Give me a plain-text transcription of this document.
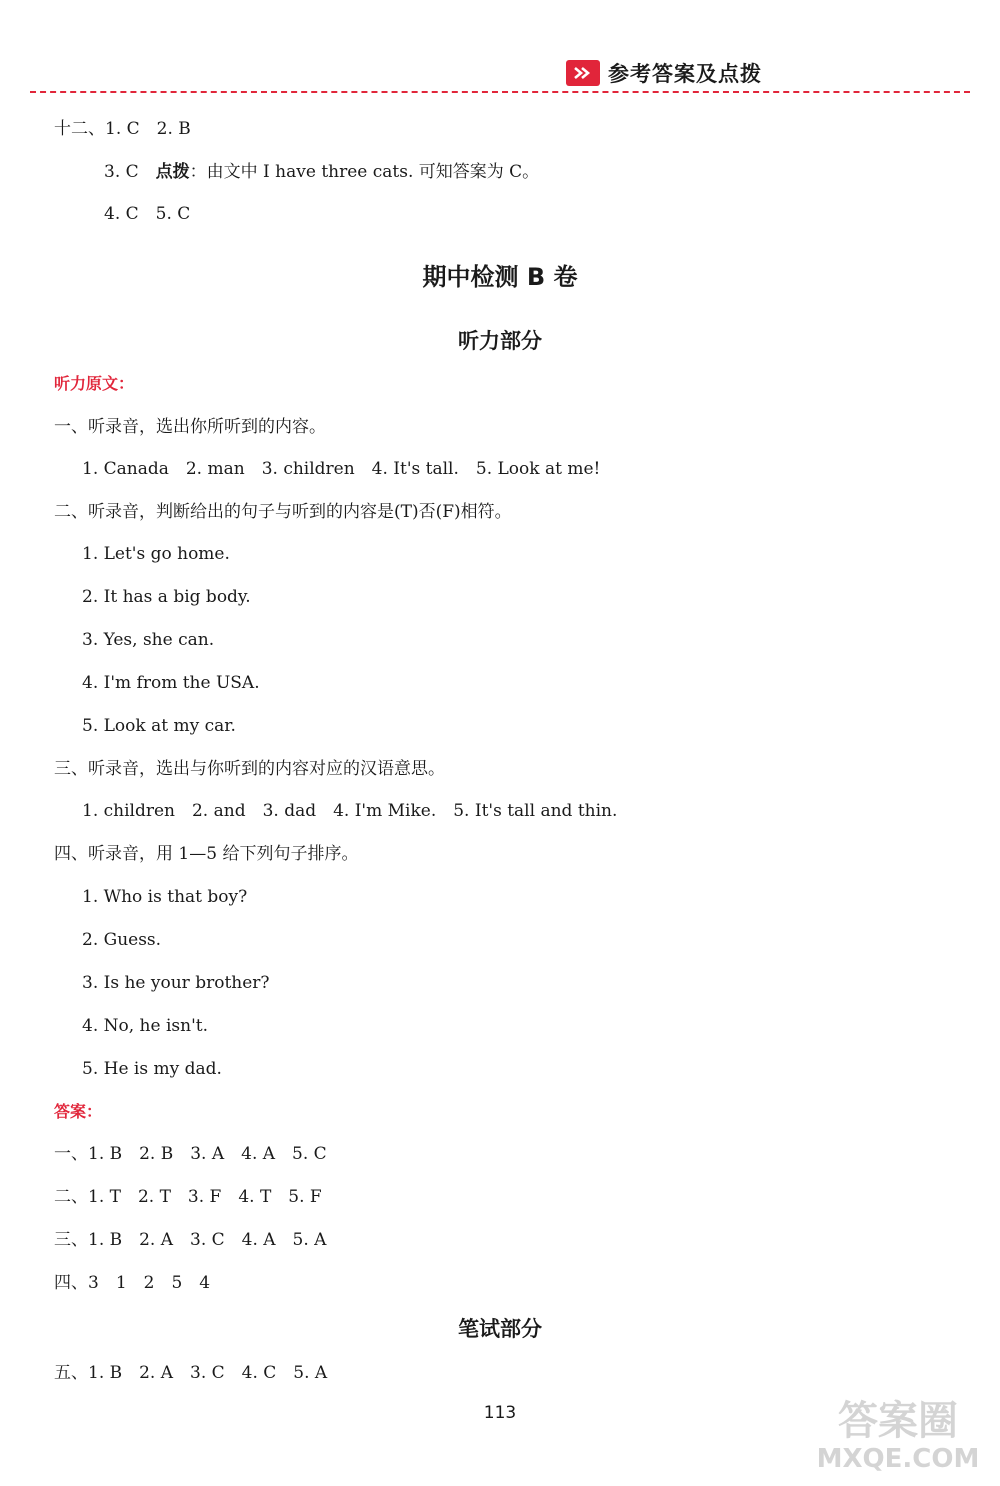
参考答案及点拨
十二、1. C　2. B
3. C　点拨：由文中 I have three cats. 可知答案为 C。
4. C　5. C
期中检测 B 卷
听力部分
听力原文：
一、听录音，选出你所听到的内容。
1. Canada　2. man　3. children　4. It's tall.　5. Look at me!
二、听录音，判断给出的句子与听到的内容是(T)否(F)相符。
1. Let's go home.
2. It has a big body.
3. Yes, she can.
4. I'm from the USA.
5. Look at my car.
三、听录音，选出与你听到的内容对应的汉语意思。
1. children　2. and　3. dad　4. I'm Mike.　5. It's tall and thin.
四、听录音，用 1—5 给下列句子排序。
1. Who is that boy?
2. Guess.
3. Is he your brother?
4. No, he isn't.
5. He is my dad.
答案：
一、1. B　2. B　3. A　4. A　5. C
二、1. T　2. T　3. F　4. T　5. F
三、1. B　2. A　3. C　4. A　5. A
四、3　1　2　5　4
笔试部分
五、1. B　2. A　3. C　4. C　5. A
113	答案圈
MXQE.COM
